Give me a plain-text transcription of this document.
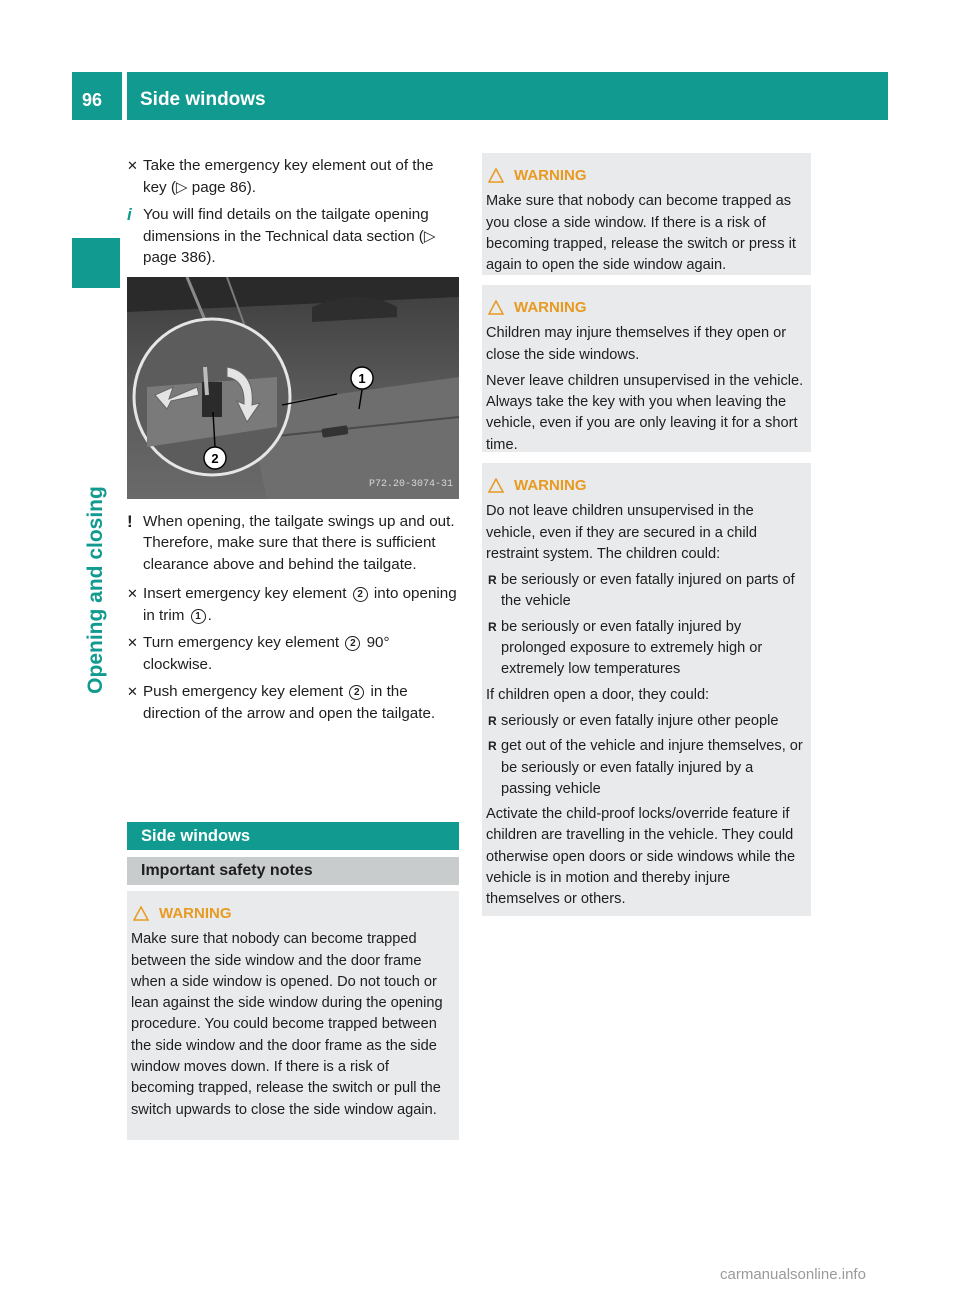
96 Side windows
Opening and closing
✕ Take the emergency key element out of the key (▷ page 86).
i You will find details on the tailgate opening dimensions in the Technical data section (▷ page 386).
1
2
P72.20-3074-31
! When opening, the tailgate swings up and out. Therefore, make sure that there is sufficient clearance above and behind the tailgate.
✕ Insert emergency key element 2 into opening in trim 1 .
✕ Turn emergency key element 2 90° clockwise.
✕ Push emergency key element 2 in the direction of the arrow and open the tailgate.
Side windows
Important safety notes
WARNING

Make sure that nobody can become trapped between the side window and the door frame when a side window is opened. Do not touch or lean against the side window during the opening procedure. You could become trapped between the side window and the door frame as the side window moves down. If there is a risk of becoming trapped, release the switch or pull the switch upwards to close the side window again.

WARNING

Make sure that nobody can become trapped as you close a side window. If there is a risk of becoming trapped, release the switch or press it again to open the side window again.

WARNING

Children may injure themselves if they open or close the side windows.

Never leave children unsupervised in the vehicle. Always take the key with you when leaving the vehicle, even if you are only leaving it for a short time.

WARNING

Do not leave children unsupervised in the vehicle, even if they are secured in a child restraint system. The children could:

R be seriously or even fatally injured on parts of the vehicle
R be seriously or even fatally injured by prolonged exposure to extremely high or extremely low temperatures

If children open a door, they could:

R seriously or even fatally injure other people
R get out of the vehicle and injure themselves, or be seriously or even fatally injured by a passing vehicle

Activate the child-proof locks/override feature if children are travelling in the vehicle. They could otherwise open doors or side windows while the vehicle is in motion and thereby injure themselves or others.

carmanualsonline.info
